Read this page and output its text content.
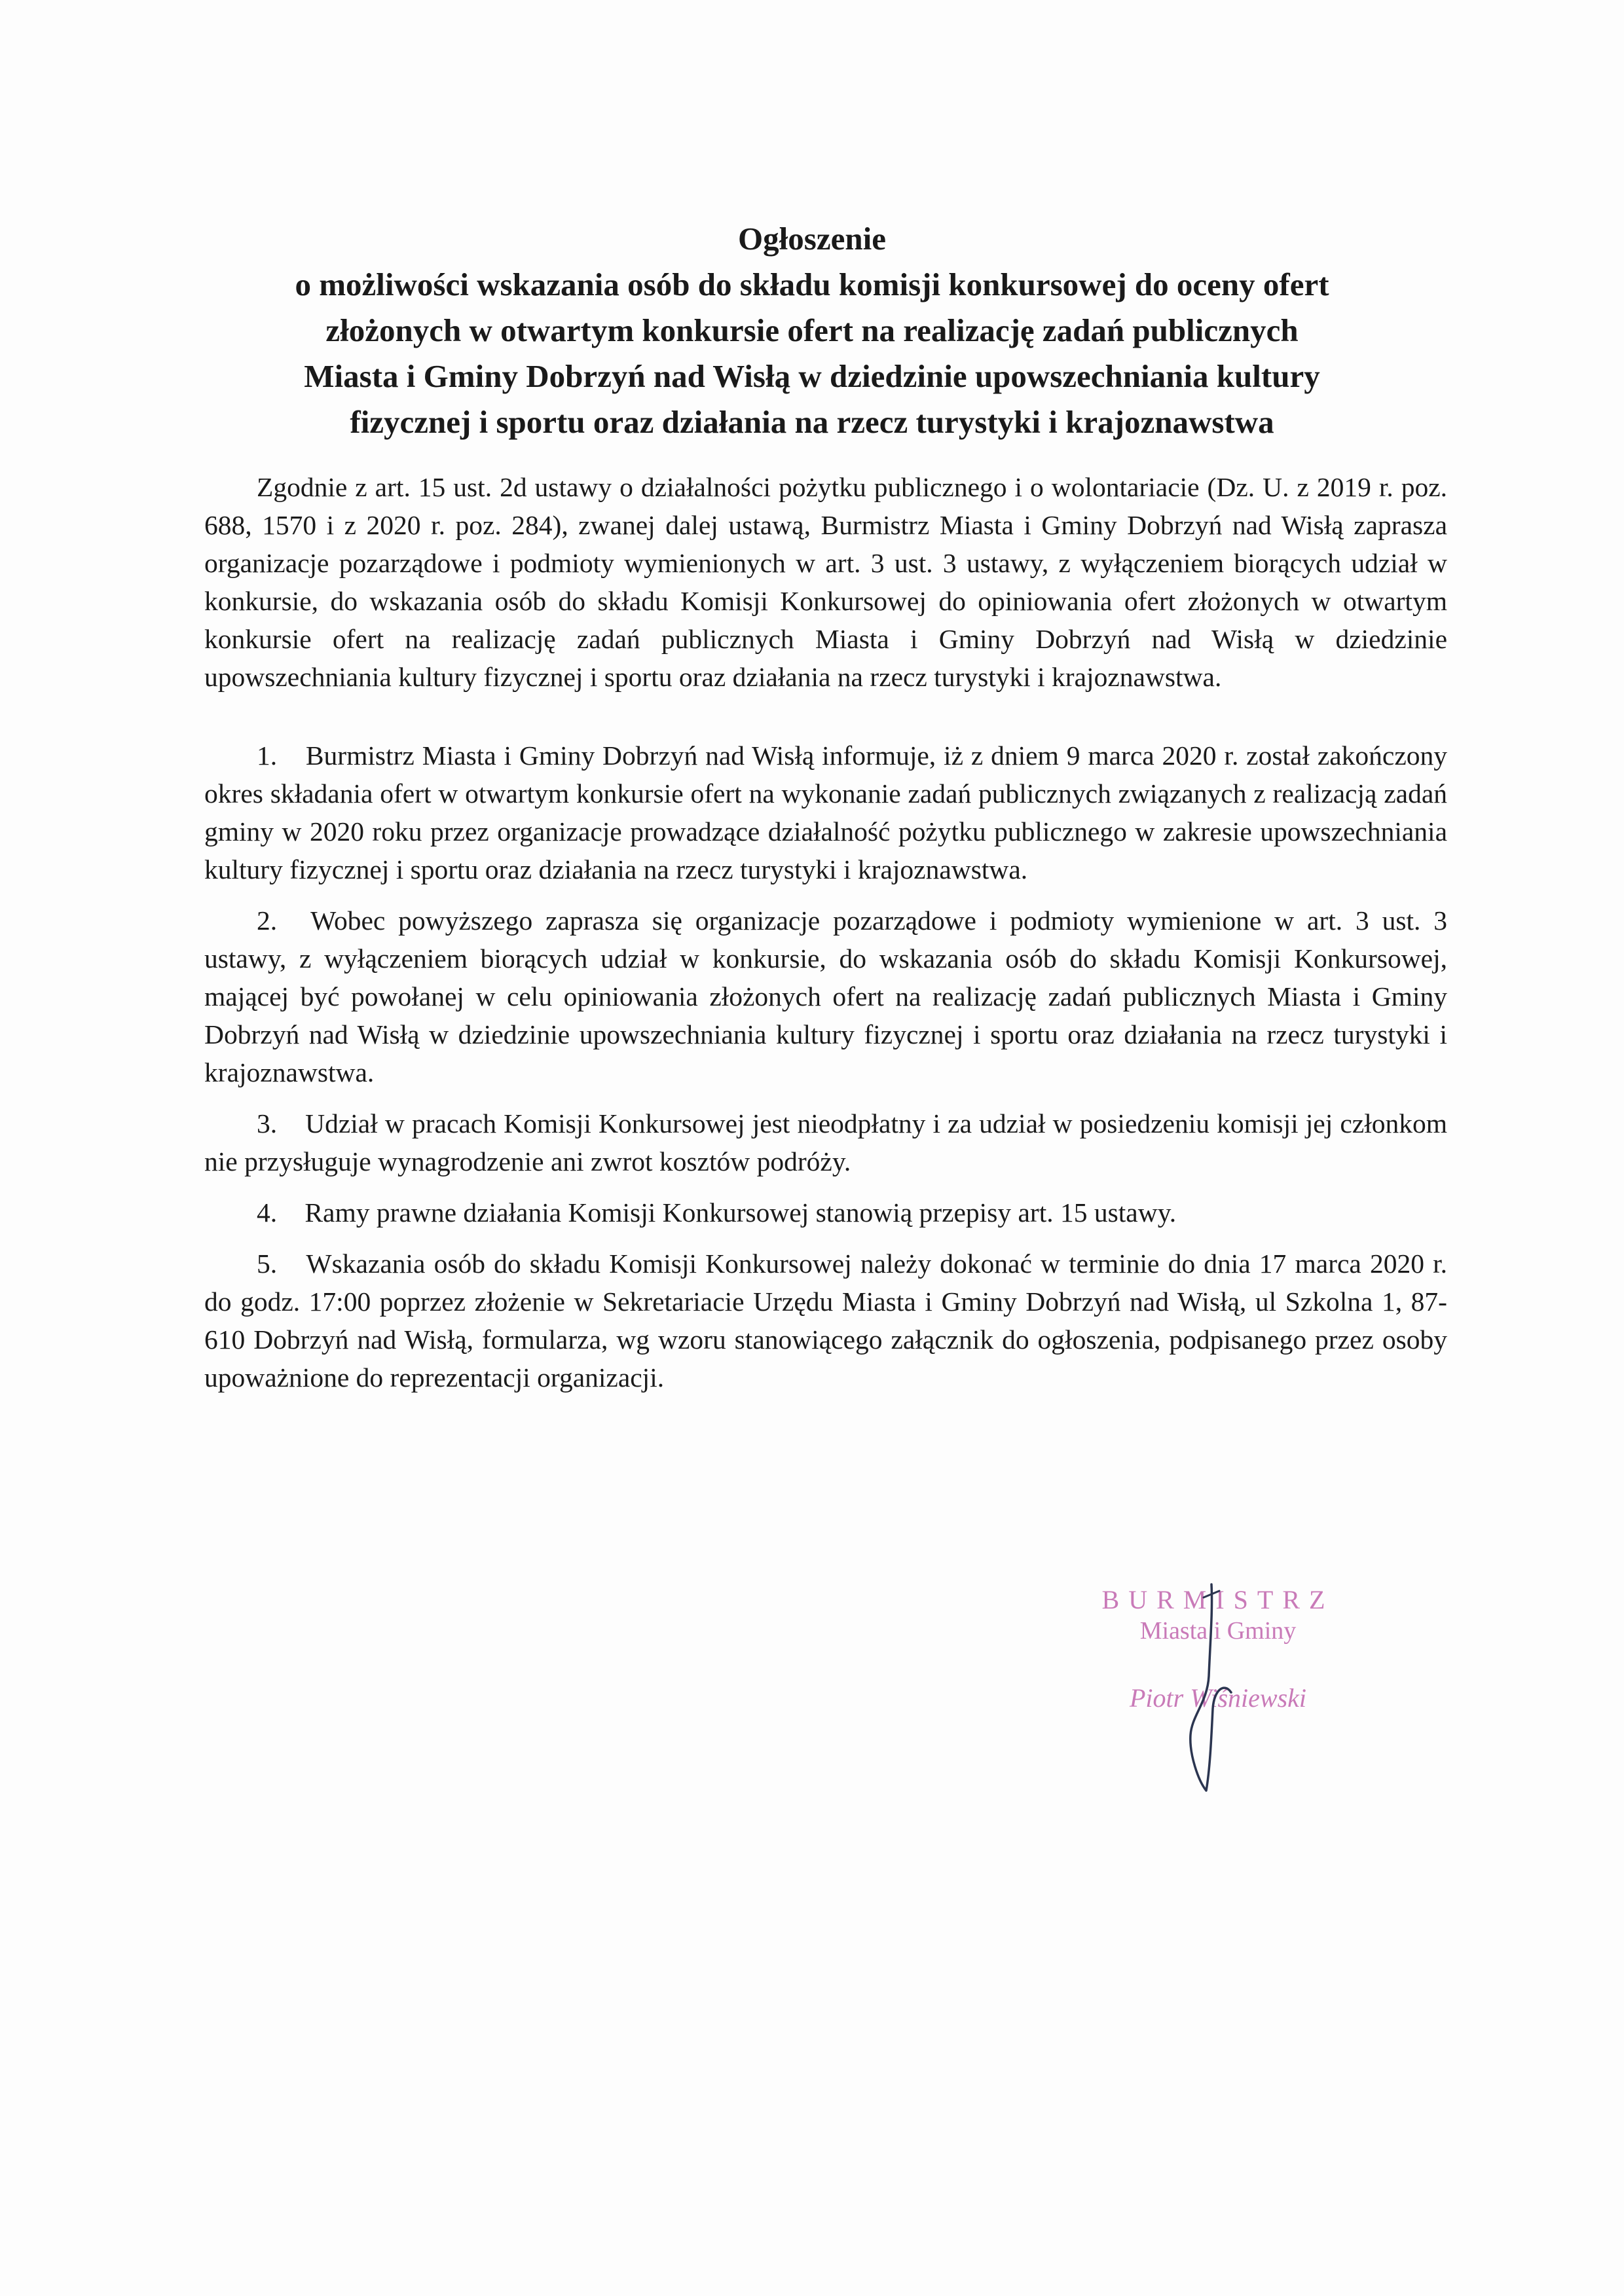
Ogłoszenie
o możliwości wskazania osób do składu komisji konkursowej do oceny ofert
złożonych w otwartym konkursie ofert na realizację zadań publicznych
Miasta i Gminy Dobrzyń nad Wisłą w dziedzinie upowszechniania kultury
fizycznej i sportu oraz działania na rzecz turystyki i krajoznawstwa

Zgodnie z art. 15 ust. 2d ustawy o działalności pożytku publicznego i o wolontariacie (Dz. U. z 2019 r. poz. 688, 1570 i z 2020 r. poz. 284), zwanej dalej ustawą, Burmistrz Miasta i Gminy Dobrzyń nad Wisłą zaprasza organizacje pozarządowe i podmioty wymienionych w art. 3 ust. 3 ustawy, z wyłączeniem biorących udział w konkursie, do wskazania osób do składu Komisji Konkursowej do opiniowania ofert złożonych w otwartym konkursie ofert na realizację zadań publicznych Miasta i Gminy Dobrzyń nad Wisłą w dziedzinie upowszechniania kultury fizycznej i sportu oraz działania na rzecz turystyki i krajoznawstwa.

1. Burmistrz Miasta i Gminy Dobrzyń nad Wisłą informuje, iż z dniem 9 marca 2020 r. został zakończony okres składania ofert w otwartym konkursie ofert na wykonanie zadań publicznych związanych z realizacją zadań gminy w 2020 roku przez organizacje prowadzące działalność pożytku publicznego w zakresie upowszechniania kultury fizycznej i sportu oraz działania na rzecz turystyki i krajoznawstwa.
2. Wobec powyższego zaprasza się organizacje pozarządowe i podmioty wymienione w art. 3 ust. 3 ustawy, z wyłączeniem biorących udział w konkursie, do wskazania osób do składu Komisji Konkursowej, mającej być powołanej w celu opiniowania złożonych ofert na realizację zadań publicznych Miasta i Gminy Dobrzyń nad Wisłą w dziedzinie upowszechniania kultury fizycznej i sportu oraz działania na rzecz turystyki i krajoznawstwa.
3. Udział w pracach Komisji Konkursowej jest nieodpłatny i za udział w posiedzeniu komisji jej członkom nie przysługuje wynagrodzenie ani zwrot kosztów podróży.
4. Ramy prawne działania Komisji Konkursowej stanowią przepisy art. 15 ustawy.
5. Wskazania osób do składu Komisji Konkursowej należy dokonać w terminie do dnia 17 marca 2020 r. do godz. 17:00 poprzez złożenie w Sekretariacie Urzędu Miasta i Gminy Dobrzyń nad Wisłą, ul Szkolna 1, 87-610 Dobrzyń nad Wisłą, formularza, wg wzoru stanowiącego załącznik do ogłoszenia, podpisanego przez osoby upoważnione do reprezentacji organizacji.
BURMISTRZ
Miasta i Gminy
Piotr Wiśniewski
